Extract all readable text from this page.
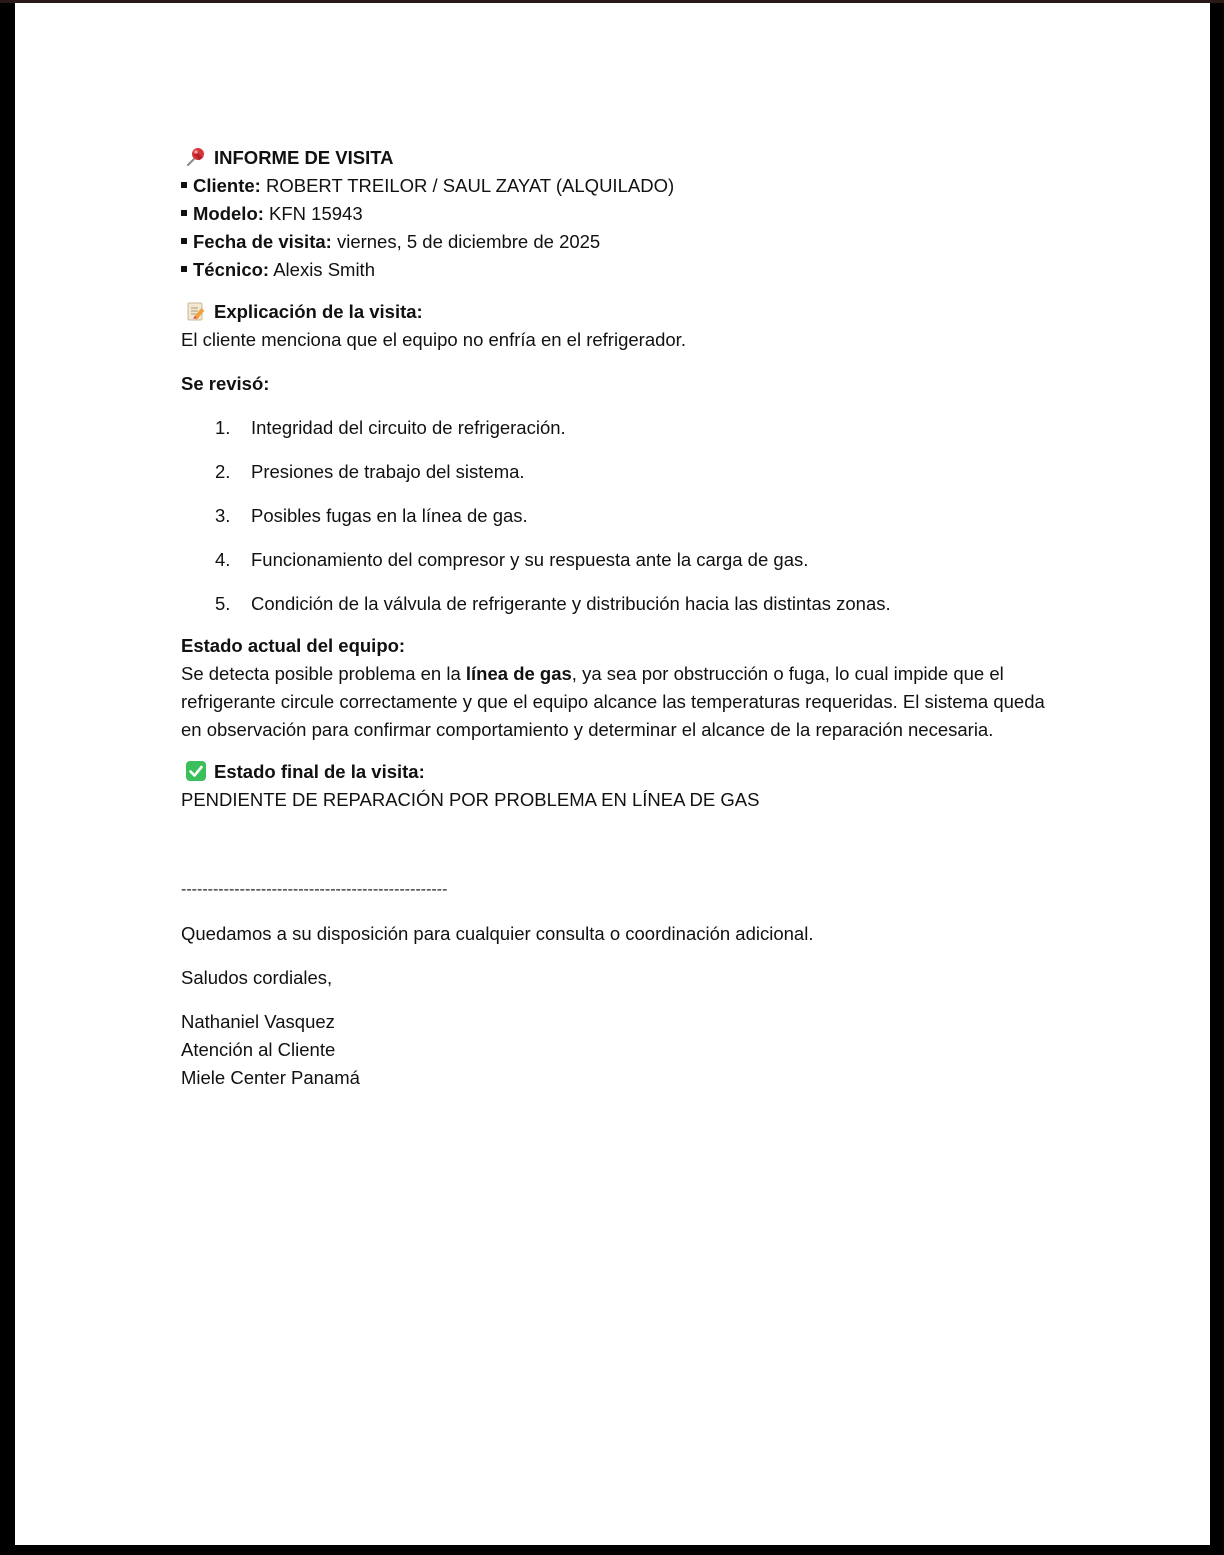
INFORME DE VISITA
Cliente: ROBERT TREILOR / SAUL ZAYAT (ALQUILADO)
Modelo: KFN 15943
Fecha de visita: viernes, 5 de diciembre de 2025
Técnico: Alexis Smith
Explicación de la visita:
El cliente menciona que el equipo no enfría en el refrigerador.
Se revisó:
1. Integridad del circuito de refrigeración.
2. Presiones de trabajo del sistema.
3. Posibles fugas en la línea de gas.
4. Funcionamiento del compresor y su respuesta ante la carga de gas.
5. Condición de la válvula de refrigerante y distribución hacia las distintas zonas.
Estado actual del equipo:
Se detecta posible problema en la línea de gas, ya sea por obstrucción o fuga, lo cual impide que el refrigerante circule correctamente y que el equipo alcance las temperaturas requeridas. El sistema queda en observación para confirmar comportamiento y determinar el alcance de la reparación necesaria.
Estado final de la visita:
PENDIENTE DE REPARACIÓN POR PROBLEMA EN LÍNEA DE GAS
--------------------------------------------------
Quedamos a su disposición para cualquier consulta o coordinación adicional.
Saludos cordiales,
Nathaniel Vasquez
Atención al Cliente
Miele Center Panamá
